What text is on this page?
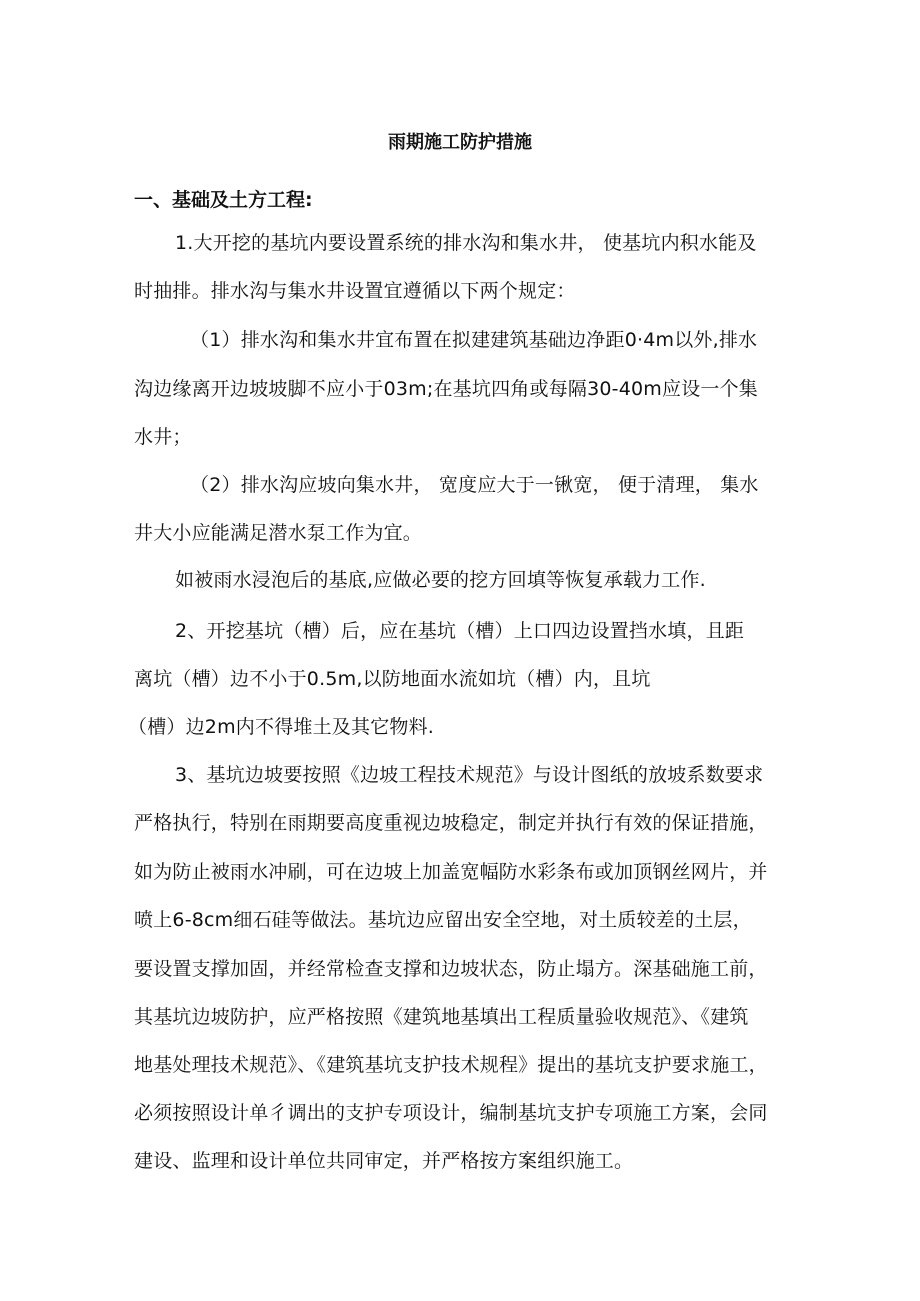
雨期施工防护措施
一、基础及土方工程:
1.大开挖的基坑内要设置系统的排水沟和集水井， 使基坑内积水能及
时抽排。排水沟与集水井设置宜遵循以下两个规定：
（1）排水沟和集水井宜布置在拟建建筑基础边净距0·4m以外,排水
沟边缘离开边坡坡脚不应小于03m;在基坑四角或每隔30-40m应设一个集
水井；
（2）排水沟应坡向集水井， 宽度应大于一锹宽， 便于清理， 集水
井大小应能满足潜水泵工作为宜。
如被雨水浸泡后的基底,应做必要的挖方回填等恢复承载力工作.
2、开挖基坑（槽）后，应在基坑（槽）上口四边设置挡水填，且距
离坑（槽）边不小于0.5m,以防地面水流如坑（槽）内，且坑
（槽）边2m内不得堆土及其它物料.
3、基坑边坡要按照《边坡工程技术规范》与设计图纸的放坡系数要求
严格执行，特别在雨期要高度重视边坡稳定，制定并执行有效的保证措施，
如为防止被雨水冲刷，可在边坡上加盖宽幅防水彩条布或加顶钢丝网片，并
喷上6-8cm细石硅等做法。基坑边应留出安全空地，对土质较差的土层，
要设置支撑加固，并经常检查支撑和边坡状态，防止塌方。深基础施工前，
其基坑边坡防护，应严格按照《建筑地基填出工程质量验收规范》、《建筑
地基处理技术规范》、《建筑基坑支护技术规程》提出的基坑支护要求施工，
必须按照设计单彳调出的支护专项设计，编制基坑支护专项施工方案，会同
建设、监理和设计单位共同审定，并严格按方案组织施工。
